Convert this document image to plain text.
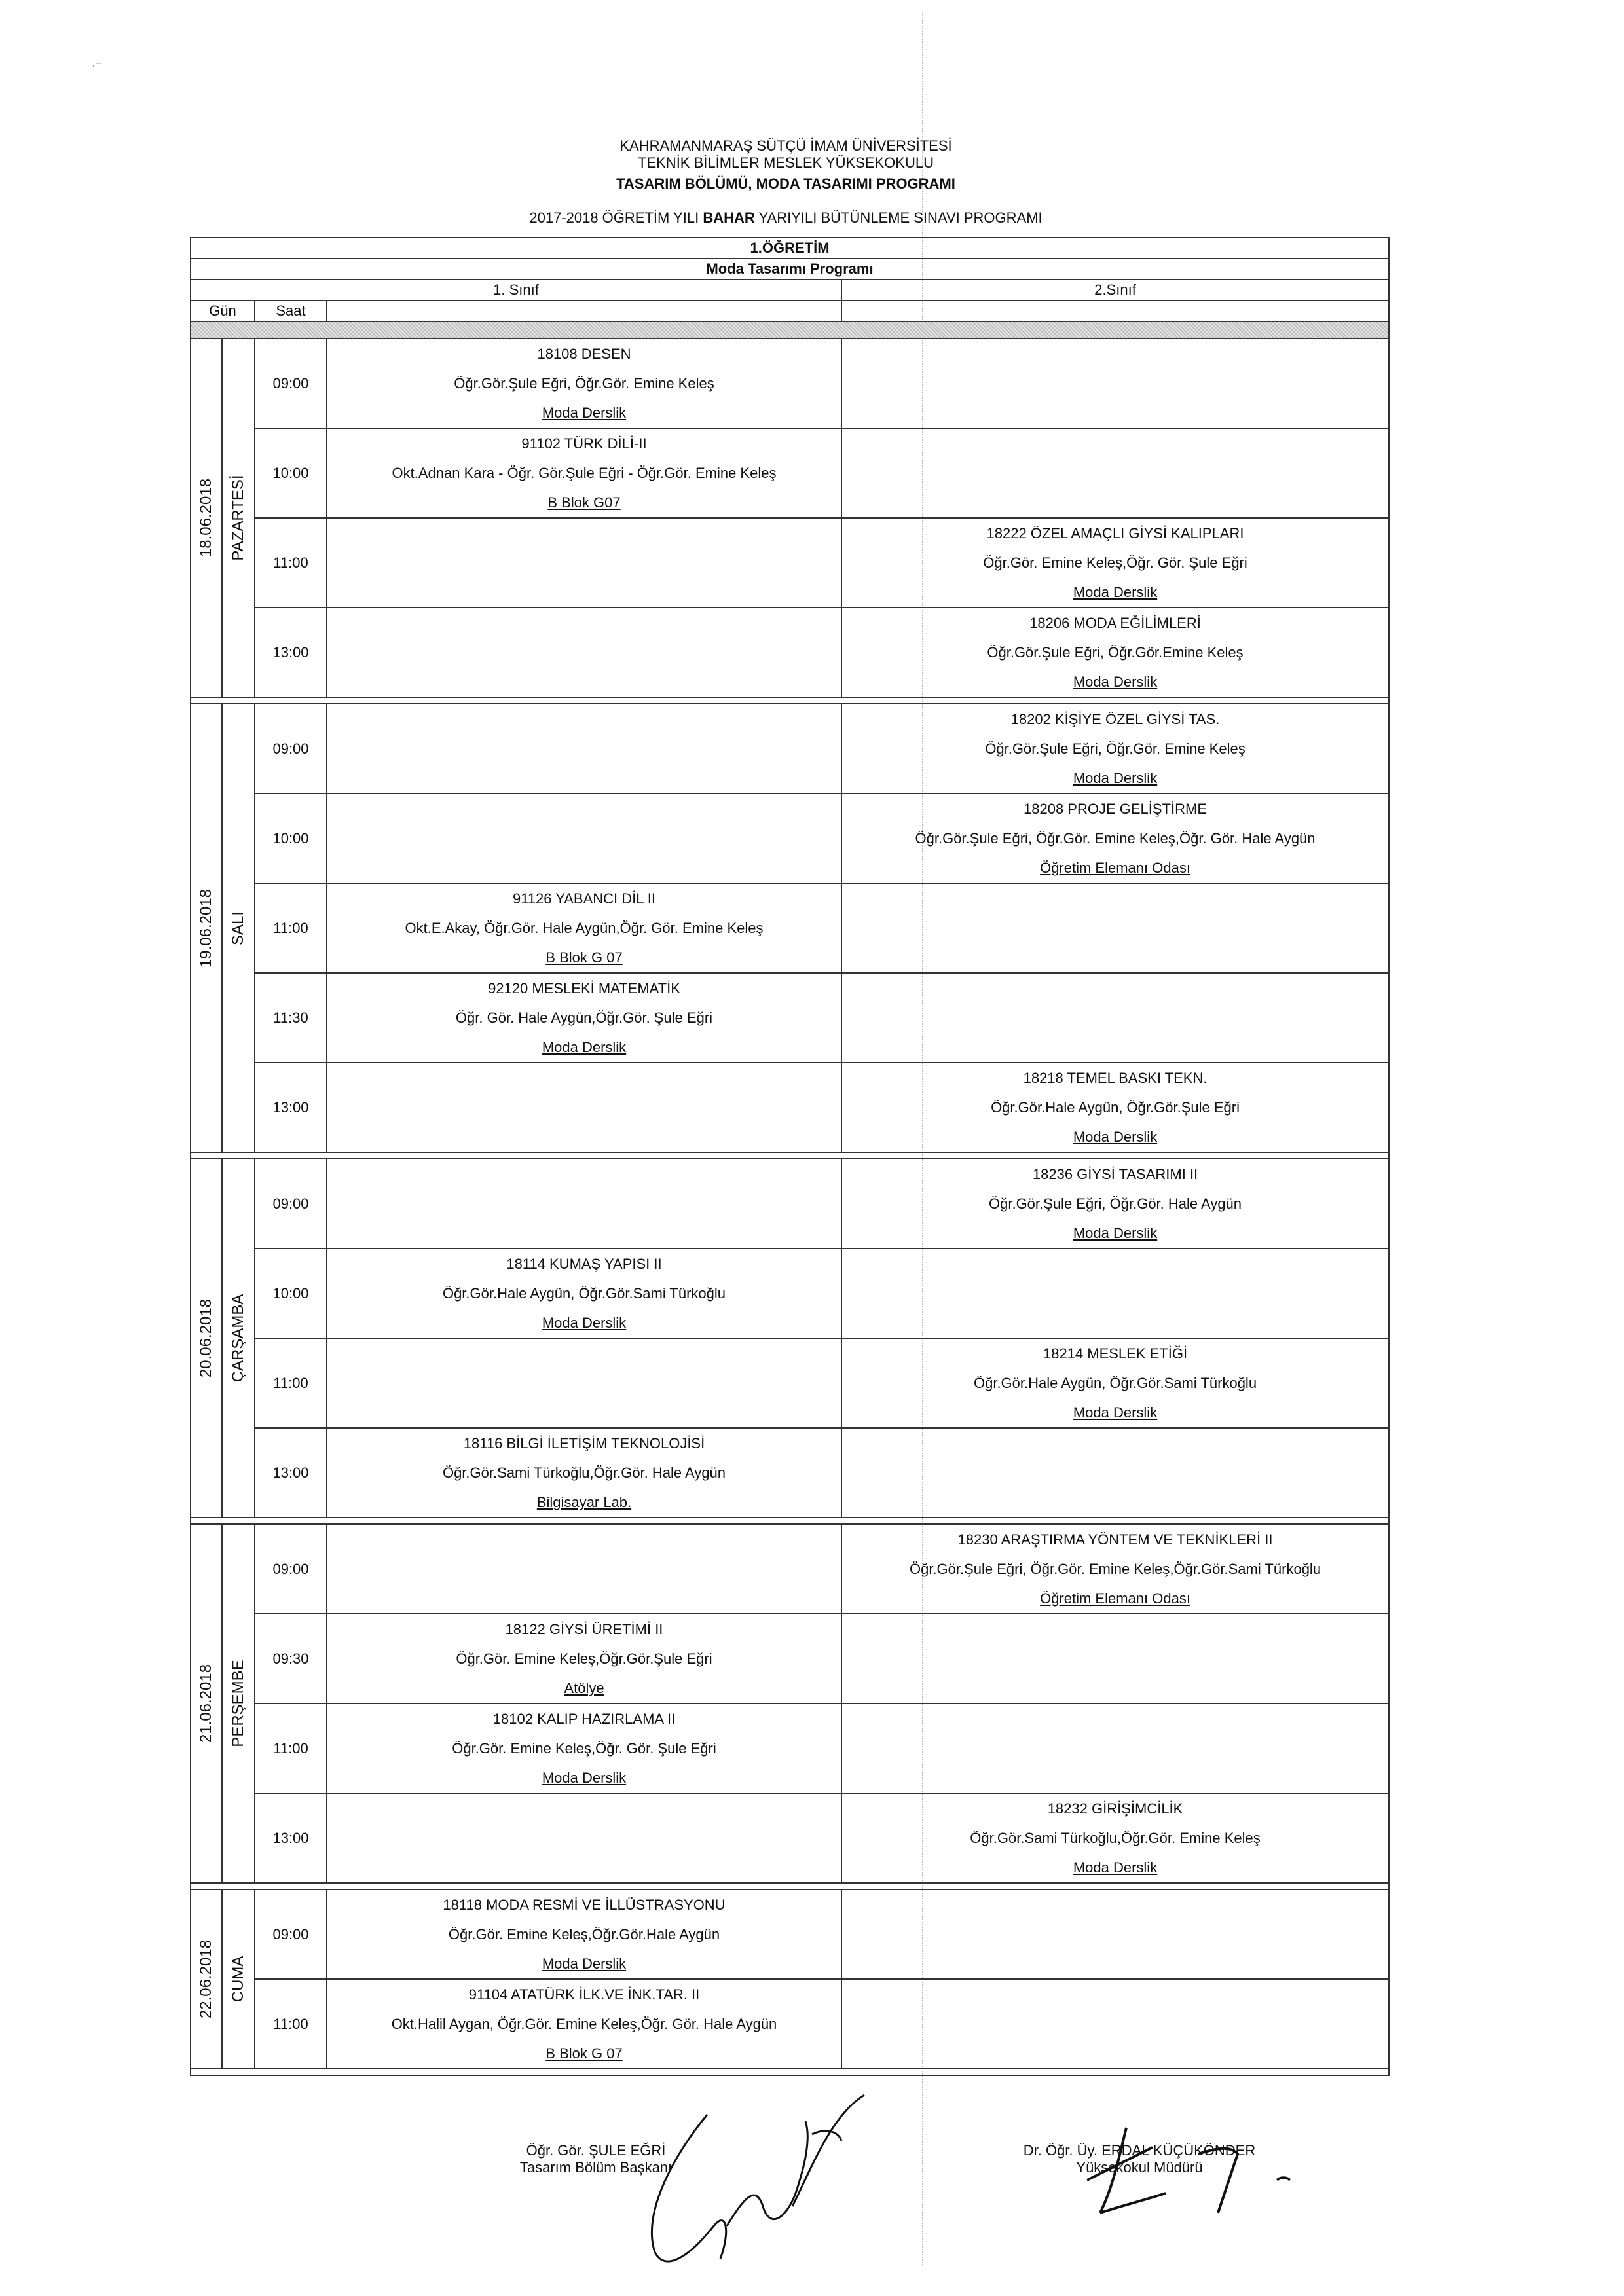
·⁻
KAHRAMANMARAŞ SÜTÇÜ İMAM ÜNİVERSİTESİ
TEKNİK BİLİMLER MESLEK YÜKSEKOKULU
TASARIM BÖLÜMÜ, MODA TASARIMI PROGRAMI
2017-2018 ÖĞRETİM YILI BAHAR YARIYILI BÜTÜNLEME SINAVI PROGRAMI
1.ÖĞRETİM				
Moda Tasarımı Programı				
1. Sınıf				2.Sınıf
Gün		Saat		

18.06.2018	PAZARTESİ	09:00	18108 DESEN
Öğr.Gör.Şule Eğri, Öğr.Gör. Emine Keleş
Moda Derslik	

		10:00	91102 TÜRK DİLİ-II
Okt.Adnan Kara - Öğr. Gör.Şule Eğri - Öğr.Gör. Emine Keleş
B Blok G07	

		11:00		18222 ÖZEL AMAÇLI GİYSİ KALIPLARI
Öğr.Gör. Emine Keleş,Öğr. Gör. Şule Eğri
Moda Derslik

		13:00		18206 MODA EĞİLİMLERİ
Öğr.Gör.Şule Eğri, Öğr.Gör.Emine Keleş
Moda Derslik

19.06.2018	SALI	09:00		18202 KİŞİYE ÖZEL GİYSİ TAS.
Öğr.Gör.Şule Eğri, Öğr.Gör. Emine Keleş
Moda Derslik

		10:00		18208 PROJE GELİŞTİRME
Öğr.Gör.Şule Eğri, Öğr.Gör. Emine Keleş,Öğr. Gör. Hale Aygün
Öğretim Elemanı Odası

		11:00	91126 YABANCI DİL II
Okt.E.Akay, Öğr.Gör. Hale Aygün,Öğr. Gör. Emine Keleş
B Blok G 07	

		11:30	92120 MESLEKİ MATEMATİK
Öğr. Gör. Hale Aygün,Öğr.Gör. Şule Eğri
Moda Derslik	

		13:00		18218 TEMEL BASKI TEKN.
Öğr.Gör.Hale Aygün, Öğr.Gör.Şule Eğri
Moda Derslik

20.06.2018	ÇARŞAMBA	09:00		18236 GİYSİ TASARIMI II
Öğr.Gör.Şule Eğri, Öğr.Gör. Hale Aygün
Moda Derslik

		10:00	18114 KUMAŞ YAPISI II
Öğr.Gör.Hale Aygün, Öğr.Gör.Sami Türkoğlu
Moda Derslik	

		11:00		18214 MESLEK ETİĞİ
Öğr.Gör.Hale Aygün, Öğr.Gör.Sami Türkoğlu
Moda Derslik

		13:00	18116 BİLGİ İLETİŞİM TEKNOLOJİSİ
Öğr.Gör.Sami Türkoğlu,Öğr.Gör. Hale Aygün
Bilgisayar Lab.	

21.06.2018	PERŞEMBE	09:00		18230 ARAŞTIRMA YÖNTEM VE TEKNİKLERİ II
Öğr.Gör.Şule Eğri, Öğr.Gör. Emine Keleş,Öğr.Gör.Sami Türkoğlu
Öğretim Elemanı Odası

		09:30	18122 GİYSİ ÜRETİMİ II
Öğr.Gör. Emine Keleş,Öğr.Gör.Şule Eğri
Atölye	

		11:00	18102 KALIP HAZIRLAMA II
Öğr.Gör. Emine Keleş,Öğr. Gör. Şule Eğri
Moda Derslik	

		13:00		18232 GİRİŞİMCİLİK
Öğr.Gör.Sami Türkoğlu,Öğr.Gör. Emine Keleş
Moda Derslik

22.06.2018	CUMA	09:00	18118 MODA RESMİ VE İLLÜSTRASYONU
Öğr.Gör. Emine Keleş,Öğr.Gör.Hale Aygün
Moda Derslik	

		11:00	91104 ATATÜRK İLK.VE İNK.TAR. II
Okt.Halil Aygan, Öğr.Gör. Emine Keleş,Öğr. Gör. Hale Aygün
B Blok G 07	

Öğr. Gör. ŞULE EĞRİ
Tasarım Bölüm Başkanı
Dr. Öğr. Üy. ERDAL KÜÇÜKÖNDER
Yüksekokul Müdürü
